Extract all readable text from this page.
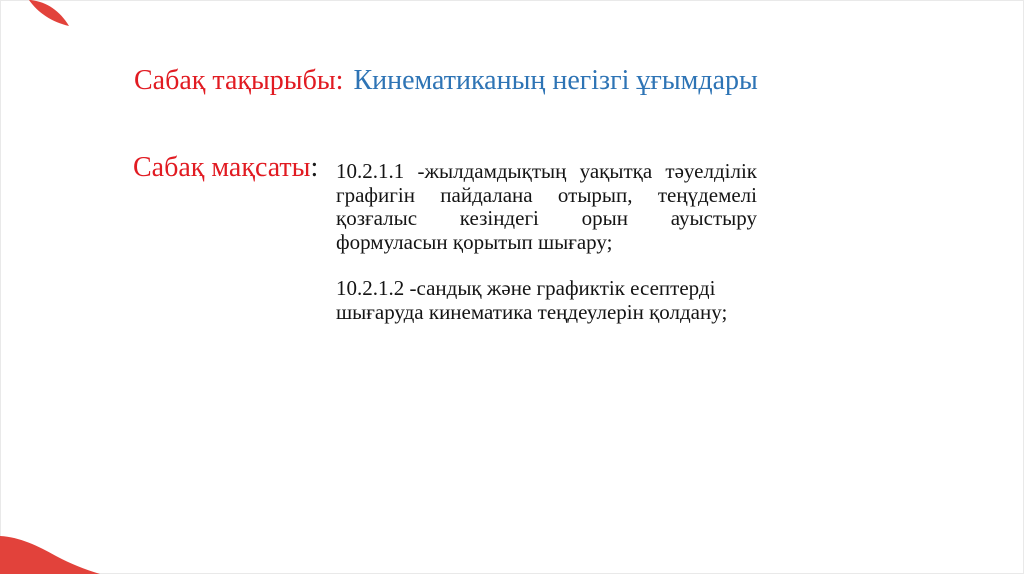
Сабақ тақырыбы: Кинематиканың негізгі ұғымдары
Сабақ мақсаты: 10.2.1.1 -жылдамдықтың уақытқа тәуелділік графигін пайдалана отырып, теңүдемелі қозғалыс кезіндегі орын ауыстыру формуласын қорытып шығару;

10.2.1.2 -сандық және графиктік есептерді шығаруда кинематика теңдеулерін қолдану;
